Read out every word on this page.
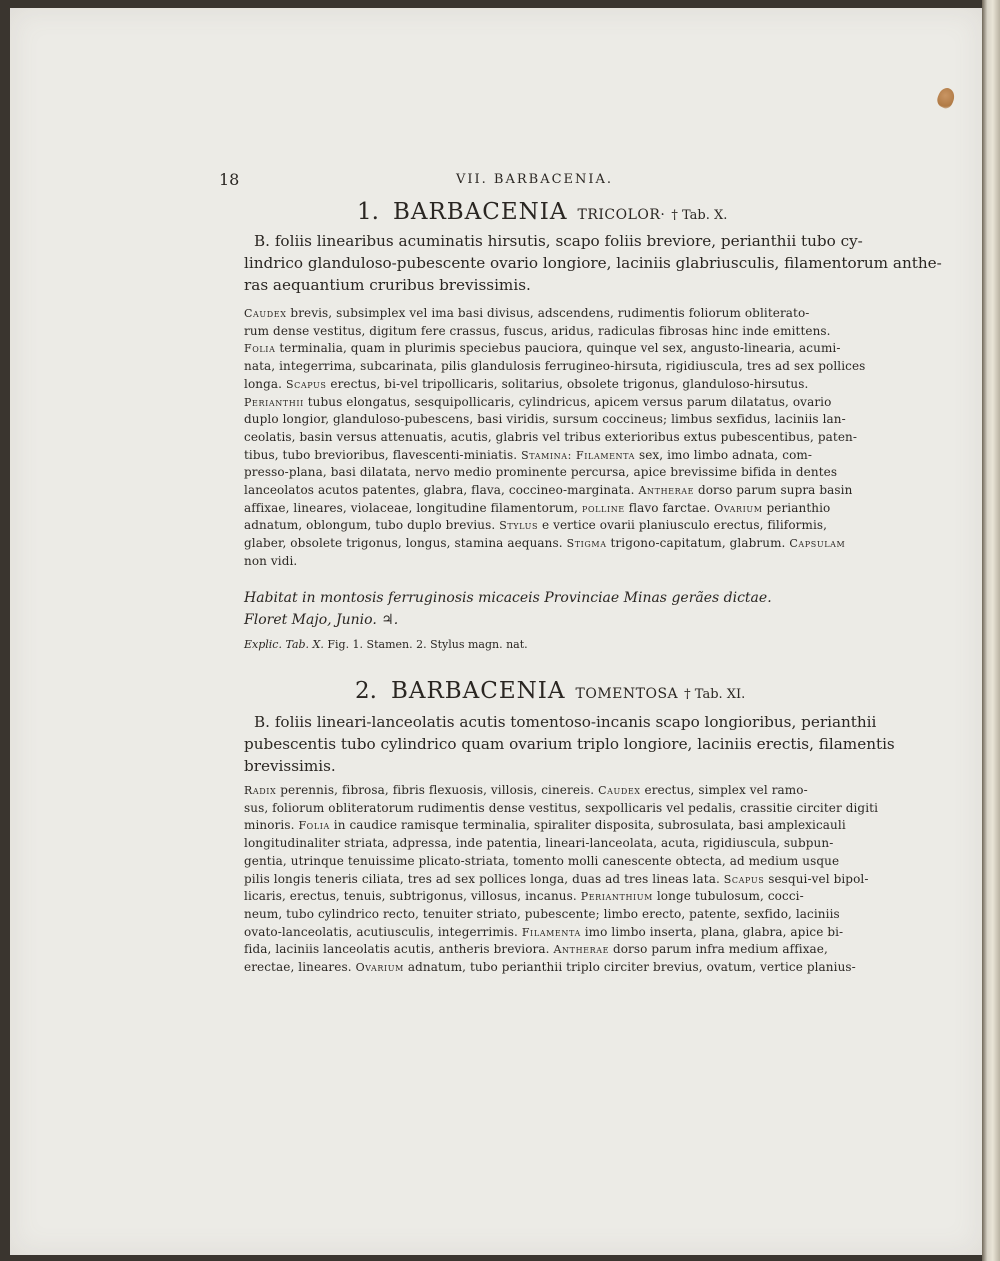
18	VII. BARBACENIA.
1. BARBACENIA TRICOLOR· † Tab. X.
B. foliis linearibus acuminatis hirsutis, scapo foliis breviore, perianthii tubo cy-
lindrico glanduloso-pubescente ovario longiore, laciniis glabriusculis, filamentorum anthe-
ras aequantium cruribus brevissimis.
Caudex brevis, subsimplex vel ima basi divisus, adscendens, rudimentis foliorum obliterato-
rum dense vestitus, digitum fere crassus, fuscus, aridus, radiculas fibrosas hinc inde emittens.
Folia terminalia, quam in plurimis speciebus pauciora, quinque vel sex, angusto-linearia, acumi-
nata, integerrima, subcarinata, pilis glandulosis ferrugineo-hirsuta, rigidiuscula, tres ad sex pollices
longa. Scapus erectus, bi-vel tripollicaris, solitarius, obsolete trigonus, glanduloso-hirsutus.
Perianthii tubus elongatus, sesquipollicaris, cylindricus, apicem versus parum dilatatus, ovario
duplo longior, glanduloso-pubescens, basi viridis, sursum coccineus; limbus sexfidus, laciniis lan-
ceolatis, basin versus attenuatis, acutis, glabris vel tribus exterioribus extus pubescentibus, paten-
tibus, tubo brevioribus, flavescenti-miniatis. Stamina: Filamenta sex, imo limbo adnata, com-
presso-plana, basi dilatata, nervo medio prominente percursa, apice brevissime bifida in dentes
lanceolatos acutos patentes, glabra, flava, coccineo-marginata. Antherae dorso parum supra basin
affixae, lineares, violaceae, longitudine filamentorum, polline flavo farctae. Ovarium perianthio
adnatum, oblongum, tubo duplo brevius. Stylus e vertice ovarii planiusculo erectus, filiformis,
glaber, obsolete trigonus, longus, stamina aequans. Stigma trigono-capitatum, glabrum. Capsulam
non vidi.
Habitat in montosis ferruginosis micaceis Provinciae Minas gerães dictae.
Floret Majo, Junio. ♃.
Explic. Tab. X. Fig. 1. Stamen. 2. Stylus magn. nat.
2. BARBACENIA TOMENTOSA † Tab. XI.
B. foliis lineari-lanceolatis acutis tomentoso-incanis scapo longioribus, perianthii
pubescentis tubo cylindrico quam ovarium triplo longiore, laciniis erectis, filamentis
brevissimis.
Radix perennis, fibrosa, fibris flexuosis, villosis, cinereis. Caudex erectus, simplex vel ramo-
sus, foliorum obliteratorum rudimentis dense vestitus, sexpollicaris vel pedalis, crassitie circiter digiti
minoris. Folia in caudice ramisque terminalia, spiraliter disposita, subrosulata, basi amplexicauli
longitudinaliter striata, adpressa, inde patentia, lineari-lanceolata, acuta, rigidiuscula, subpun-
gentia, utrinque tenuissime plicato-striata, tomento molli canescente obtecta, ad medium usque
pilis longis teneris ciliata, tres ad sex pollices longa, duas ad tres lineas lata. Scapus sesqui-vel bipol-
licaris, erectus, tenuis, subtrigonus, villosus, incanus. Perianthium longe tubulosum, cocci-
neum, tubo cylindrico recto, tenuiter striato, pubescente; limbo erecto, patente, sexfido, laciniis
ovato-lanceolatis, acutiusculis, integerrimis. Filamenta imo limbo inserta, plana, glabra, apice bi-
fida, laciniis lanceolatis acutis, antheris breviora. Antherae dorso parum infra medium affixae,
erectae, lineares. Ovarium adnatum, tubo perianthii triplo circiter brevius, ovatum, vertice planius-
